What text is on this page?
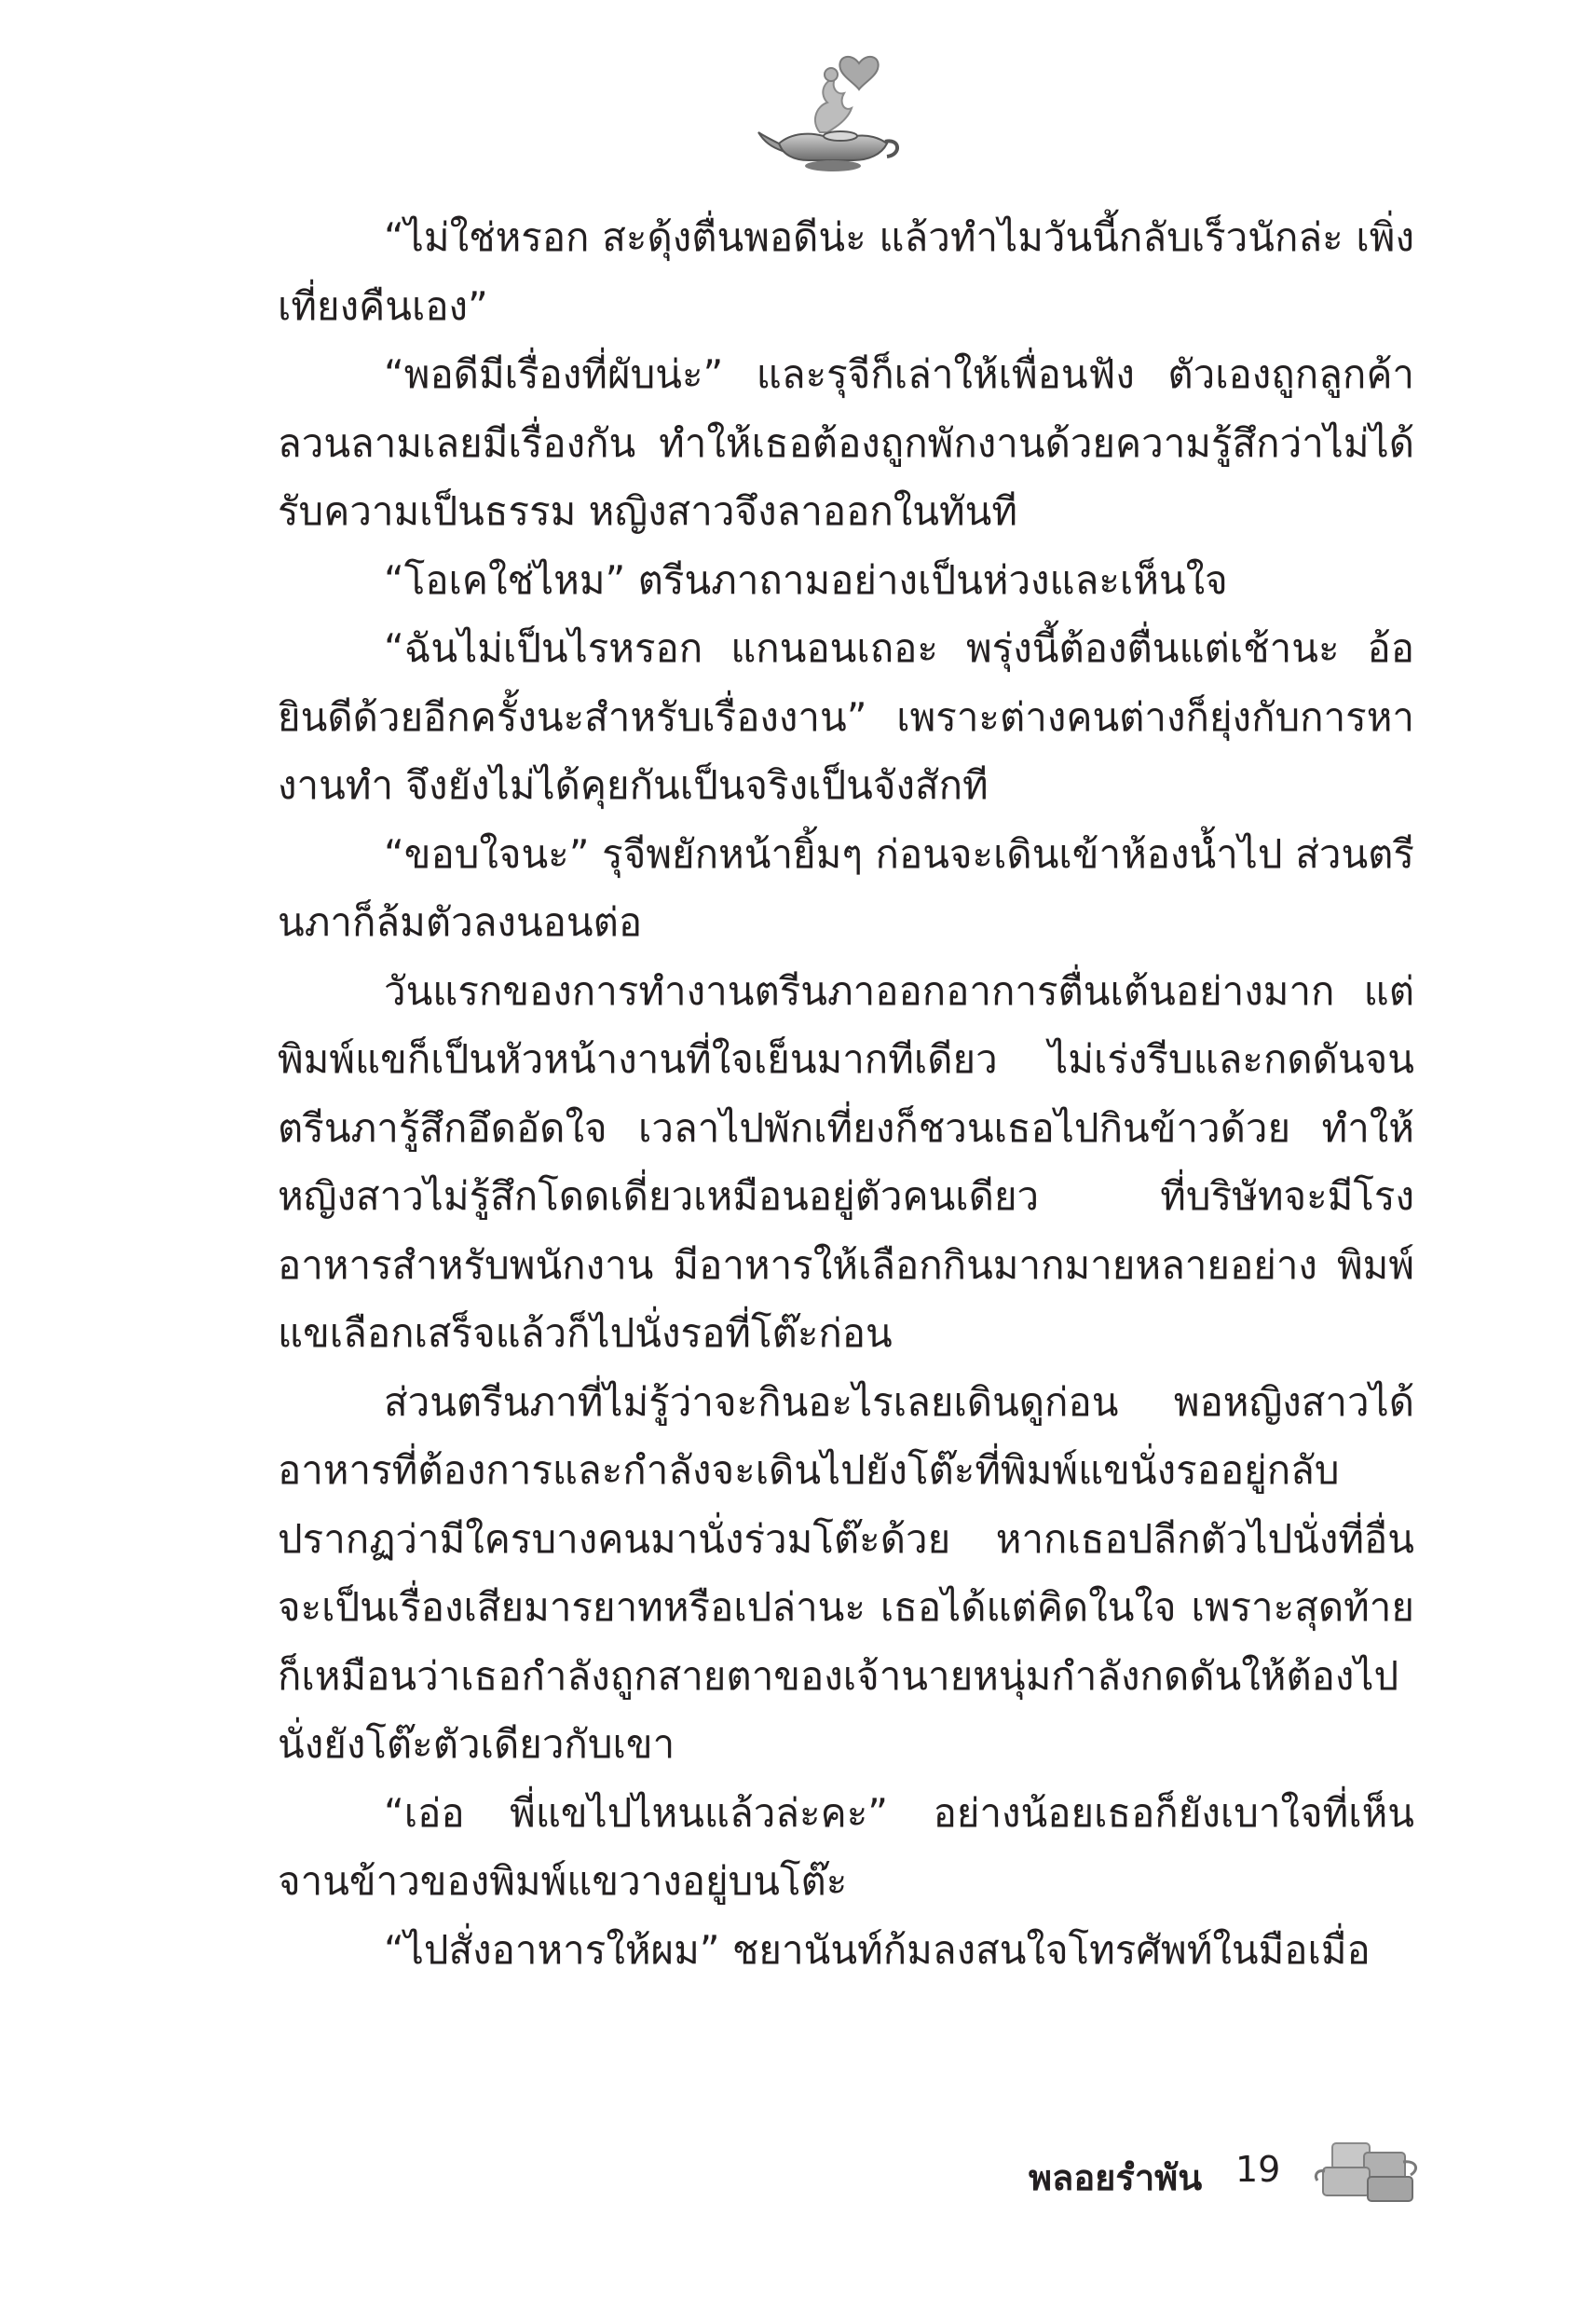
“ไม่ใช่หรอก สะดุ้งตื่นพอดีน่ะ แล้วทำไมวันนี้กลับเร็วนักล่ะ เพิ่งเที่ยงคืนเอง”

“พอดีมีเรื่องที่ผับน่ะ” และรุจีก็เล่าให้เพื่อนฟัง ตัวเองถูกลูกค้าลวนลามเลยมีเรื่องกัน ทำให้เธอต้องถูกพักงานด้วยความรู้สึกว่าไม่ได้รับความเป็นธรรม หญิงสาวจึงลาออกในทันที

“โอเคใช่ไหม” ตรีนภาถามอย่างเป็นห่วงและเห็นใจ

“ฉันไม่เป็นไรหรอก แกนอนเถอะ พรุ่งนี้ต้องตื่นแต่เช้านะ อ้อ ยินดีด้วยอีกครั้งนะสำหรับเรื่องงาน” เพราะต่างคนต่างก็ยุ่งกับการหางานทำ จึงยังไม่ได้คุยกันเป็นจริงเป็นจังสักที

“ขอบใจนะ” รุจีพยักหน้ายิ้มๆ ก่อนจะเดินเข้าห้องน้ำไป ส่วนตรีนภาก็ล้มตัวลงนอนต่อ

วันแรกของการทำงานตรีนภาออกอาการตื่นเต้นอย่างมาก แต่พิมพ์แขก็เป็นหัวหน้างานที่ใจเย็นมากทีเดียว ไม่เร่งรีบและกดดันจนตรีนภารู้สึกอึดอัดใจ เวลาไปพักเที่ยงก็ชวนเธอไปกินข้าวด้วย ทำให้หญิงสาวไม่รู้สึกโดดเดี่ยวเหมือนอยู่ตัวคนเดียว ที่บริษัทจะมีโรงอาหารสำหรับพนักงาน มีอาหารให้เลือกกินมากมายหลายอย่าง พิมพ์แขเลือกเสร็จแล้วก็ไปนั่งรอที่โต๊ะก่อน

ส่วนตรีนภาที่ไม่รู้ว่าจะกินอะไรเลยเดินดูก่อน พอหญิงสาวได้อาหารที่ต้องการและกำลังจะเดินไปยังโต๊ะที่พิมพ์แขนั่งรออยู่กลับปรากฏว่ามีใครบางคนมานั่งร่วมโต๊ะด้วย หากเธอปลีกตัวไปนั่งที่อื่นจะเป็นเรื่องเสียมารยาทหรือเปล่านะ เธอได้แต่คิดในใจ เพราะสุดท้ายก็เหมือนว่าเธอกำลังถูกสายตาของเจ้านายหนุ่มกำลังกดดันให้ต้องไปนั่งยังโต๊ะตัวเดียวกับเขา

“เอ่อ พี่แขไปไหนแล้วล่ะคะ” อย่างน้อยเธอก็ยังเบาใจที่เห็นจานข้าวของพิมพ์แขวางอยู่บนโต๊ะ

“ไปสั่งอาหารให้ผม” ชยานันท์ก้มลงสนใจโทรศัพท์ในมือเมื่อ

พลอยรำพัน 19
